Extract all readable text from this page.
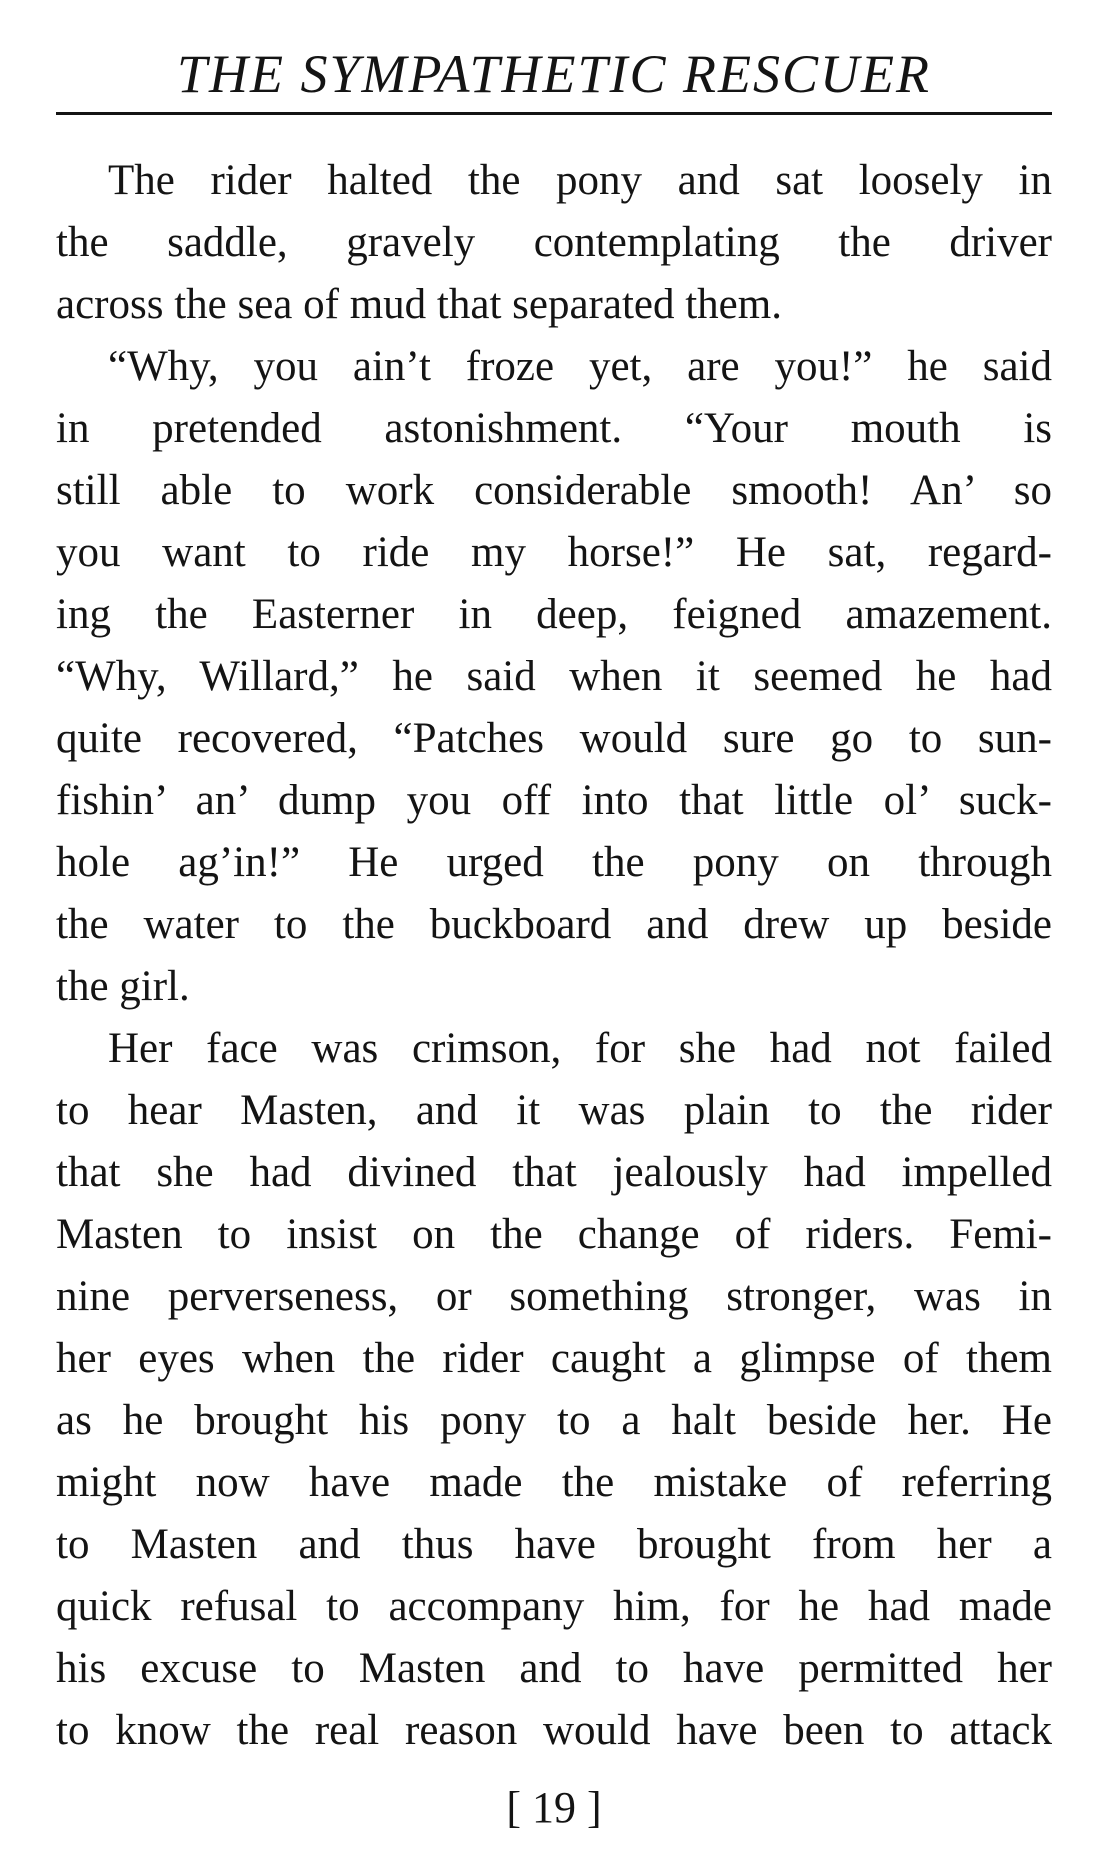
THE SYMPATHETIC RESCUER
The rider halted the pony and sat loosely in
the saddle, gravely contemplating the driver
across the sea of mud that separated them.
“Why, you ain’t froze yet, are you!” he said
in pretended astonishment. “Your mouth is
still able to work considerable smooth! An’ so
you want to ride my horse!” He sat, regard-
ing the Easterner in deep, feigned amazement.
“Why, Willard,” he said when it seemed he had
quite recovered, “Patches would sure go to sun-
fishin’ an’ dump you off into that little ol’ suck-
hole ag’in!” He urged the pony on through
the water to the buckboard and drew up beside
the girl.
Her face was crimson, for she had not failed
to hear Masten, and it was plain to the rider
that she had divined that jealously had impelled
Masten to insist on the change of riders. Femi-
nine perverseness, or something stronger, was in
her eyes when the rider caught a glimpse of them
as he brought his pony to a halt beside her. He
might now have made the mistake of referring
to Masten and thus have brought from her a
quick refusal to accompany him, for he had made
his excuse to Masten and to have permitted her
to know the real reason would have been to attack
[ 19 ]
